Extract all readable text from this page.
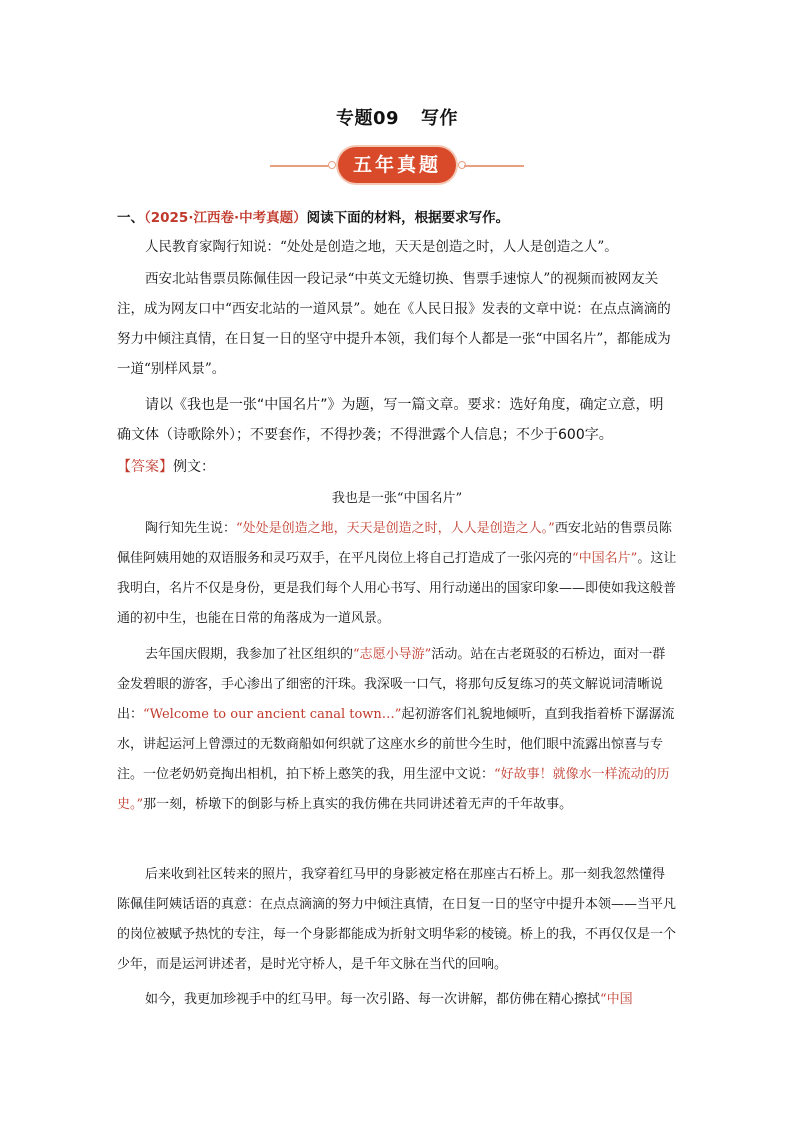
专题09 写作
五年真题
一、（2025·江西卷·中考真题）阅读下面的材料，根据要求写作。

人民教育家陶行知说：“处处是创造之地，天天是创造之时，人人是创造之人”。

西安北站售票员陈佩佳因一段记录“中英文无缝切换、售票手速惊人”的视频而被网友关注，成为网友口中“西安北站的一道风景”。她在《人民日报》发表的文章中说：在点点滴滴的努力中倾注真情，在日复一日的坚守中提升本领，我们每个人都是一张“中国名片”，都能成为一道“别样风景”。

请以《我也是一张“中国名片”》为题，写一篇文章。要求：选好角度，确定立意，明确文体（诗歌除外）；不要套作，不得抄袭；不得泄露个人信息；不少于600字。

【答案】例文：
我也是一张“中国名片”

陶行知先生说：“处处是创造之地，天天是创造之时，人人是创造之人。”西安北站的售票员陈佩佳阿姨用她的双语服务和灵巧双手，在平凡岗位上将自己打造成了一张闪亮的“中国名片”。这让我明白，名片不仅是身份，更是我们每个人用心书写、用行动递出的国家印象——即使如我这般普通的初中生，也能在日常的角落成为一道风景。

去年国庆假期，我参加了社区组织的“志愿小导游”活动。站在古老斑驳的石桥边，面对一群金发碧眼的游客，手心渗出了细密的汗珠。我深吸一口气，将那句反复练习的英文解说词清晰说出：“Welcome to our ancient canal town…”起初游客们礼貌地倾听，直到我指着桥下潺潺流水，讲起运河上曾漂过的无数商船如何织就了这座水乡的前世今生时，他们眼中流露出惊喜与专注。一位老奶奶竟掏出相机，拍下桥上憨笑的我，用生涩中文说：“好故事！就像水一样流动的历史。”那一刻，桥墩下的倒影与桥上真实的我仿佛在共同讲述着无声的千年故事。

后来收到社区转来的照片，我穿着红马甲的身影被定格在那座古石桥上。那一刻我忽然懂得陈佩佳阿姨话语的真意：在点点滴滴的努力中倾注真情，在日复一日的坚守中提升本领——当平凡的岗位被赋予热忱的专注，每一个身影都能成为折射文明华彩的棱镜。桥上的我，不再仅仅是一个少年，而是运河讲述者，是时光守桥人，是千年文脉在当代的回响。

如今，我更加珍视手中的红马甲。每一次引路、每一次讲解，都仿佛在精心擦拭“中国
